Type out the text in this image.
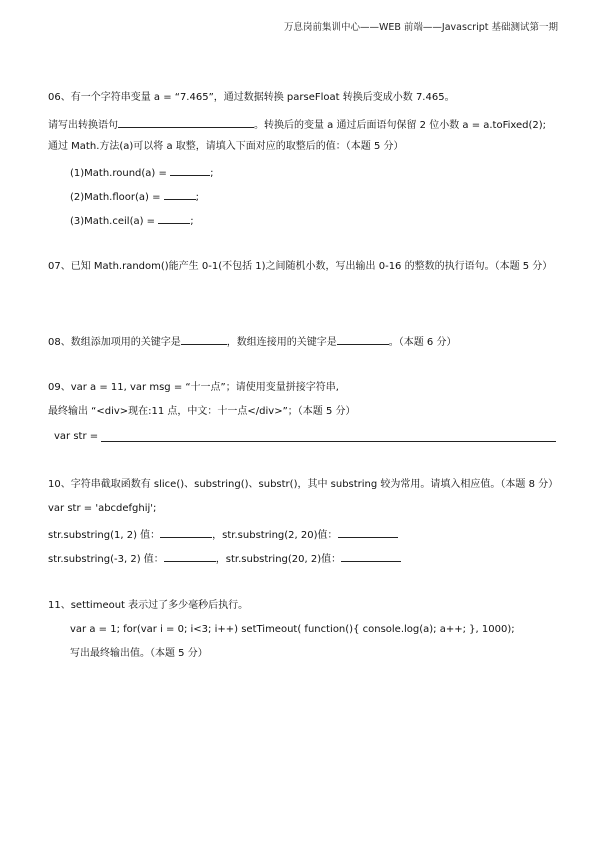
万息岗前集训中心——WEB 前端——Javascript 基础测试第一期
06、有一个字符串变量 a = “7.465”，通过数据转换 parseFloat 转换后变成小数 7.465。
请写出转换语句	。转换后的变量 a 通过后面语句保留 2 位小数 a = a.toFixed(2);
通过 Math.方法(a)可以将 a 取整，请填入下面对应的取整后的值：（本题 5 分）
(1)Math.round(a) =	;
(2)Math.floor(a) =	;
(3)Math.ceil(a) =	;
07、已知 Math.random()能产生 0-1(不包括 1)之间随机小数，写出输出 0-16 的整数的执行语句。（本题 5 分）
08、数组添加项用的关键字是	，数组连接用的关键字是	。（本题 6 分）
09、var a = 11, var msg = “十一点”；请使用变量拼接字符串,
最终输出 “<div>现在:11 点，中文：十一点</div>”；（本题 5 分）
var str =
10、字符串截取函数有 slice()、substring()、substr()，其中 substring 较为常用。请填入相应值。（本题 8 分）
var str = 'abcdefghij';
str.substring(1, 2) 值：	，str.substring(2, 20)值：
str.substring(-3, 2) 值：	，str.substring(20, 2)值：
11、settimeout 表示过了多少毫秒后执行。
var a = 1; for(var i = 0; i<3; i++) setTimeout( function(){ console.log(a); a++; }, 1000);
写出最终输出值。（本题 5 分）
